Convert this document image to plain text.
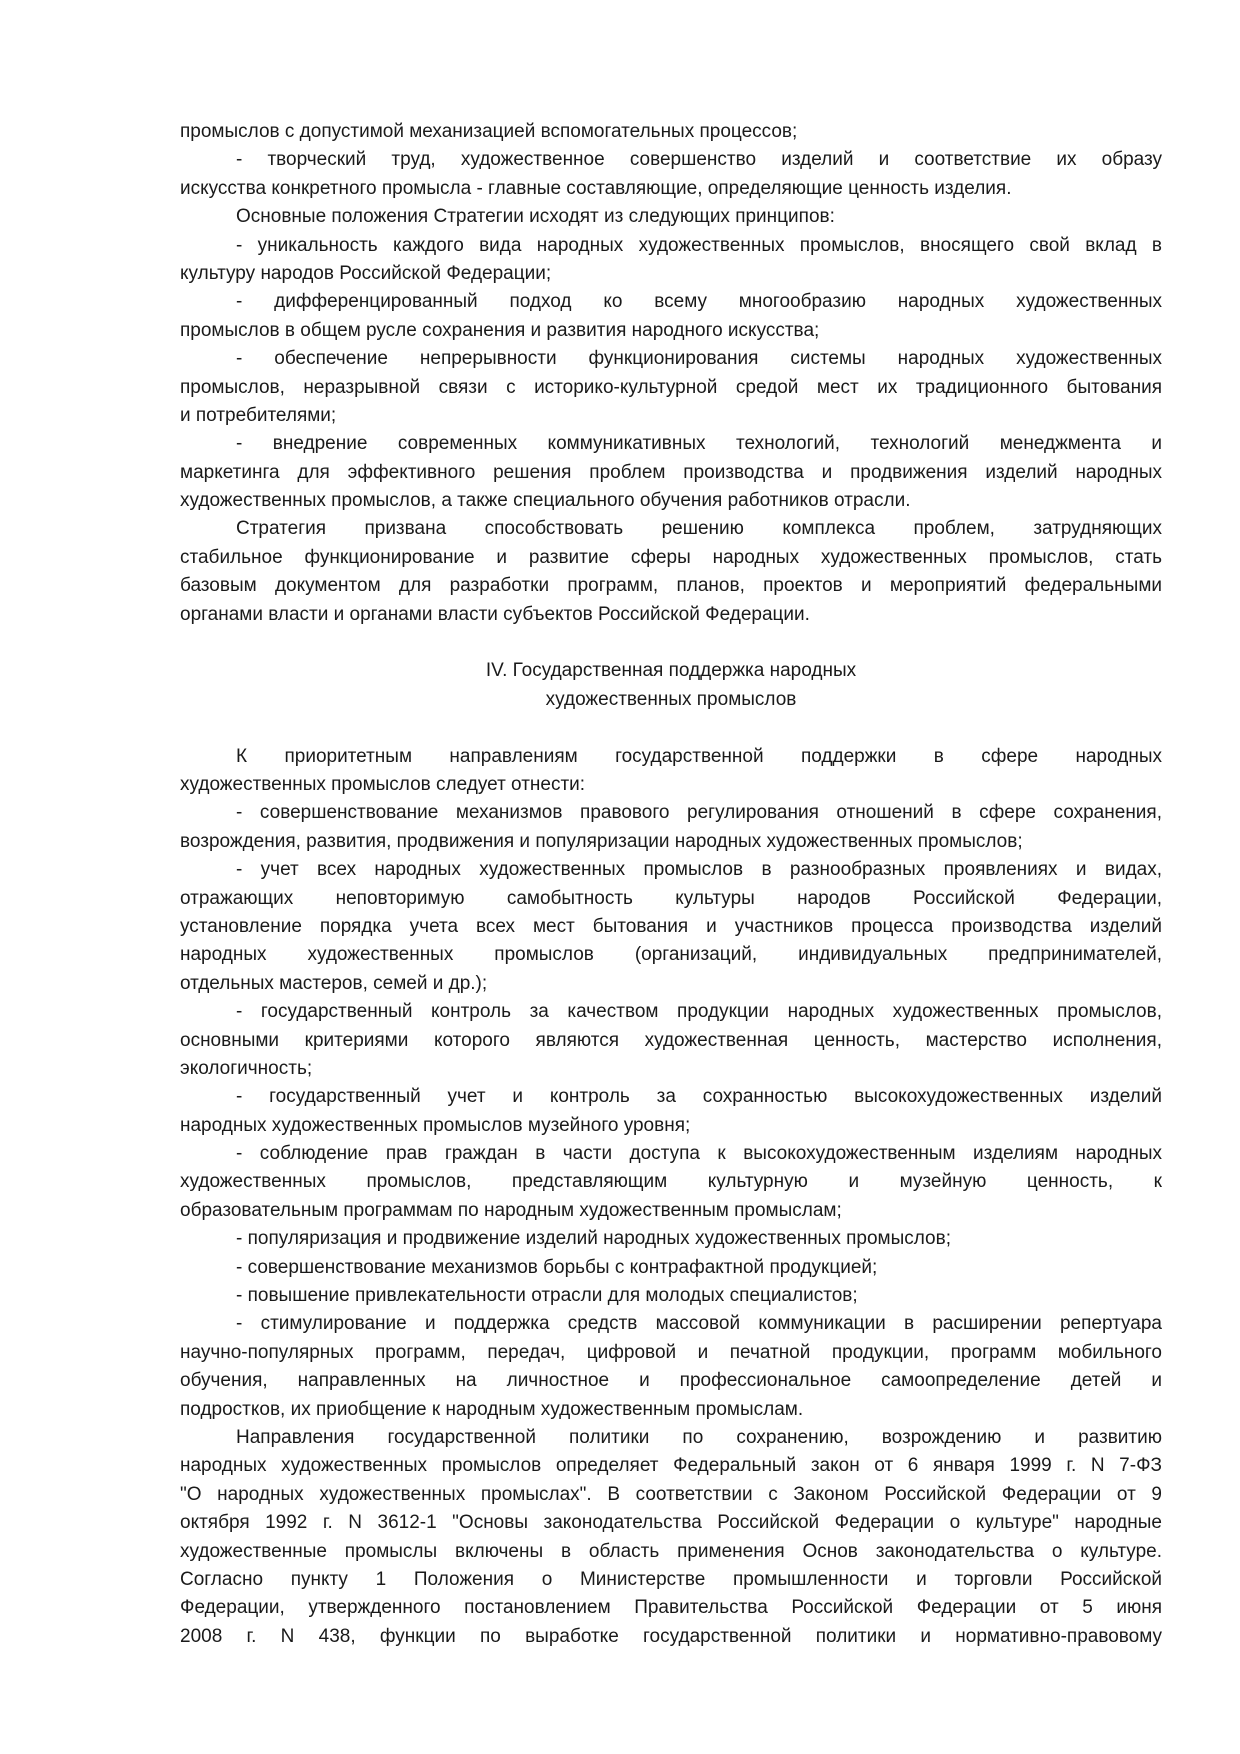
промыслов с допустимой механизацией вспомогательных процессов;
- творческий труд, художественное совершенство изделий и соответствие их образу
искусства конкретного промысла - главные составляющие, определяющие ценность изделия.
Основные положения Стратегии исходят из следующих принципов:
- уникальность каждого вида народных художественных промыслов, вносящего свой вклад в
культуру народов Российской Федерации;
- дифференцированный подход ко всему многообразию народных художественных
промыслов в общем русле сохранения и развития народного искусства;
- обеспечение непрерывности функционирования системы народных художественных
промыслов, неразрывной связи с историко-культурной средой мест их традиционного бытования
и потребителями;
- внедрение современных коммуникативных технологий, технологий менеджмента и
маркетинга для эффективного решения проблем производства и продвижения изделий народных
художественных промыслов, а также специального обучения работников отрасли.
Стратегия призвана способствовать решению комплекса проблем, затрудняющих
стабильное функционирование и развитие сферы народных художественных промыслов, стать
базовым документом для разработки программ, планов, проектов и мероприятий федеральными
органами власти и органами власти субъектов Российской Федерации.
IV. Государственная поддержка народных
художественных промыслов
К приоритетным направлениям государственной поддержки в сфере народных
художественных промыслов следует отнести:
- совершенствование механизмов правового регулирования отношений в сфере сохранения,
возрождения, развития, продвижения и популяризации народных художественных промыслов;
- учет всех народных художественных промыслов в разнообразных проявлениях и видах,
отражающих неповторимую самобытность культуры народов Российской Федерации,
установление порядка учета всех мест бытования и участников процесса производства изделий
народных художественных промыслов (организаций, индивидуальных предпринимателей,
отдельных мастеров, семей и др.);
- государственный контроль за качеством продукции народных художественных промыслов,
основными критериями которого являются художественная ценность, мастерство исполнения,
экологичность;
- государственный учет и контроль за сохранностью высокохудожественных изделий
народных художественных промыслов музейного уровня;
- соблюдение прав граждан в части доступа к высокохудожественным изделиям народных
художественных промыслов, представляющим культурную и музейную ценность, к
образовательным программам по народным художественным промыслам;
- популяризация и продвижение изделий народных художественных промыслов;
- совершенствование механизмов борьбы с контрафактной продукцией;
- повышение привлекательности отрасли для молодых специалистов;
- стимулирование и поддержка средств массовой коммуникации в расширении репертуара
научно-популярных программ, передач, цифровой и печатной продукции, программ мобильного
обучения, направленных на личностное и профессиональное самоопределение детей и
подростков, их приобщение к народным художественным промыслам.
Направления государственной политики по сохранению, возрождению и развитию
народных художественных промыслов определяет Федеральный закон от 6 января 1999 г. N 7-ФЗ
"О народных художественных промыслах". В соответствии с Законом Российской Федерации от 9
октября 1992 г. N 3612-1 "Основы законодательства Российской Федерации о культуре" народные
художественные промыслы включены в область применения Основ законодательства о культуре.
Согласно пункту 1 Положения о Министерстве промышленности и торговли Российской
Федерации, утвержденного постановлением Правительства Российской Федерации от 5 июня
2008 г. N 438, функции по выработке государственной политики и нормативно-правовому
